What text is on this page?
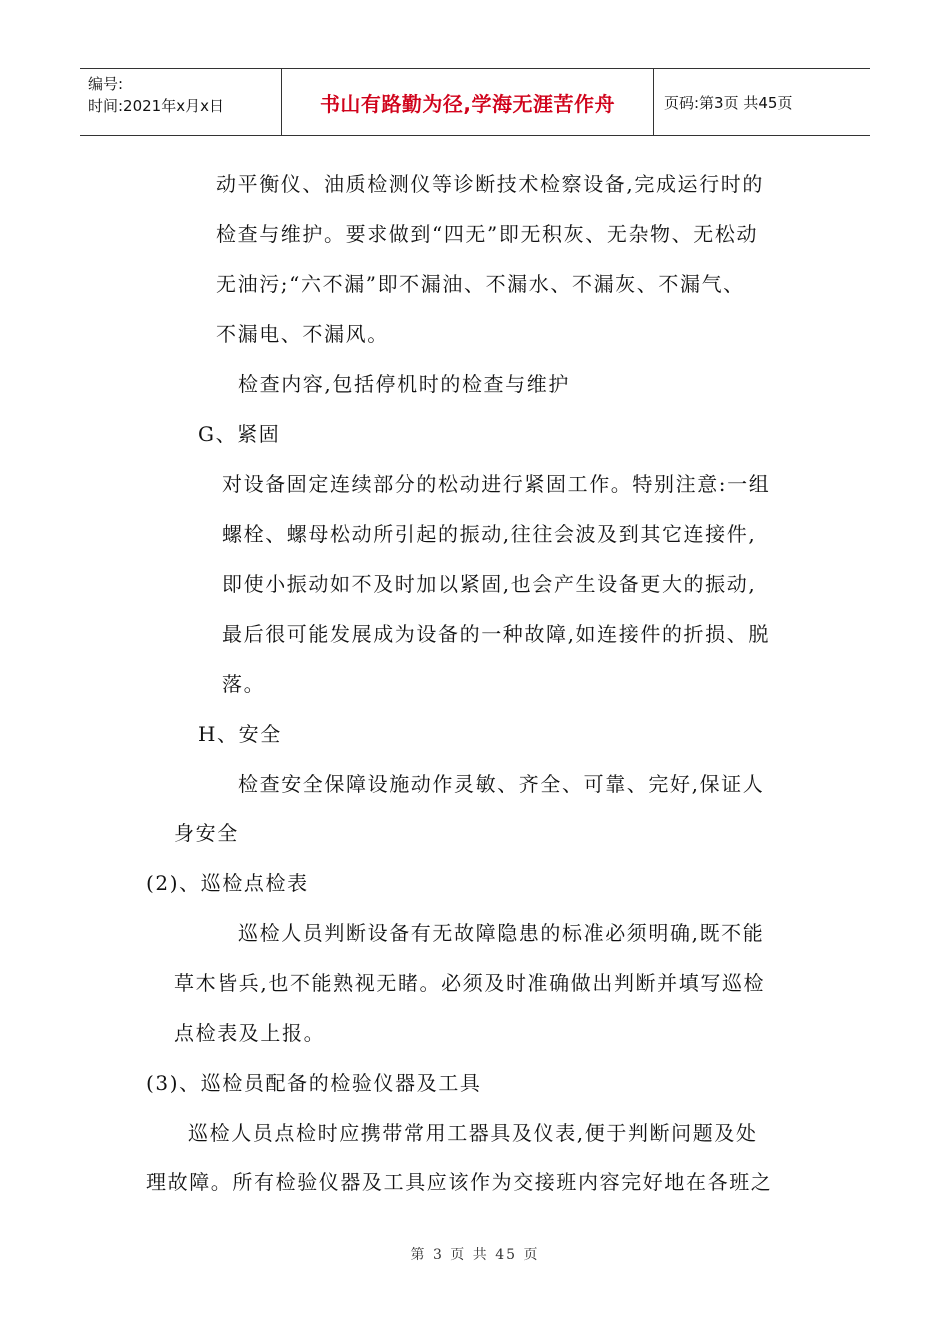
编号:
时间:2021年x月x日	书山有路勤为径,学海无涯苦作舟	页码:第3页 共45页
动平衡仪、油质检测仪等诊断技术检察设备,完成运行时的
检查与维护。要求做到“四无”即无积灰、无杂物、无松动
无油污;“六不漏”即不漏油、不漏水、不漏灰、不漏气、
不漏电、不漏风。
检查内容,包括停机时的检查与维护
G、紧固
对设备固定连续部分的松动进行紧固工作。特别注意:一组
螺栓、螺母松动所引起的振动,往往会波及到其它连接件,
即使小振动如不及时加以紧固,也会产生设备更大的振动,
最后很可能发展成为设备的一种故障,如连接件的折损、脱
落。
H、安全
检查安全保障设施动作灵敏、齐全、可靠、完好,保证人
身安全
(2)、巡检点检表
巡检人员判断设备有无故障隐患的标准必须明确,既不能
草木皆兵,也不能熟视无睹。必须及时准确做出判断并填写巡检
点检表及上报。
(3)、巡检员配备的检验仪器及工具
巡检人员点检时应携带常用工器具及仪表,便于判断问题及处
理故障。所有检验仪器及工具应该作为交接班内容完好地在各班之
第 3 页 共 45 页
